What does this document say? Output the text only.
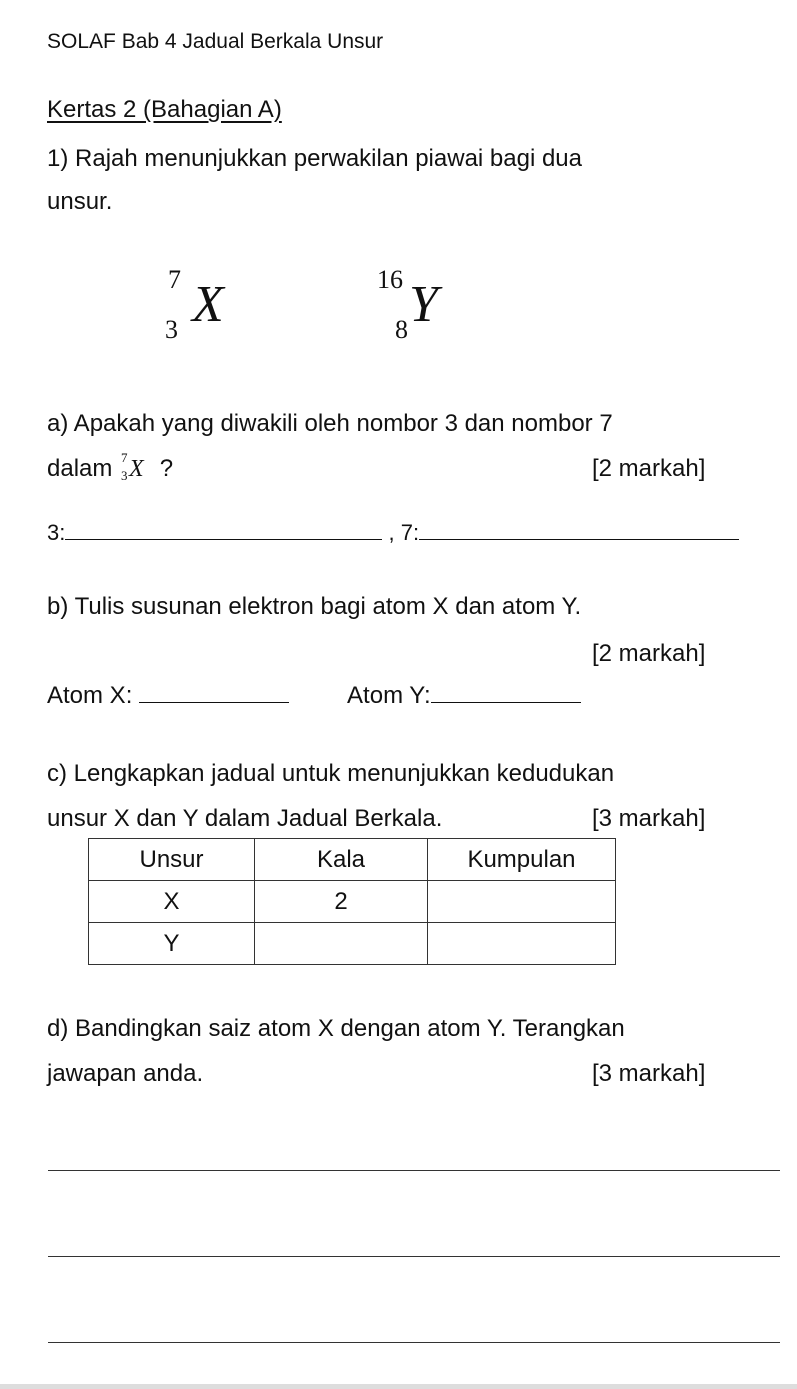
SOLAF Bab 4 Jadual Berkala Unsur
Kertas 2 (Bahagian A)
1) Rajah menunjukkan perwakilan piawai bagi dua
unsur.
7
3 X	16
8 Y
a) Apakah yang diwakili oleh nombor 3 dan nombor 7
dalam 7
3 X ?	[2 markah]
3:	, 7:
b) Tulis susunan elektron bagi atom X dan atom Y.
[2 markah]
Atom X:	Atom Y:
c) Lengkapkan jadual untuk menunjukkan kedudukan
unsur X dan Y dalam Jadual Berkala.	[3 markah]
Unsur	Kala	Kumpulan
X	2	
Y		
d) Bandingkan saiz atom X dengan atom Y. Terangkan
jawapan anda.	[3 markah]
